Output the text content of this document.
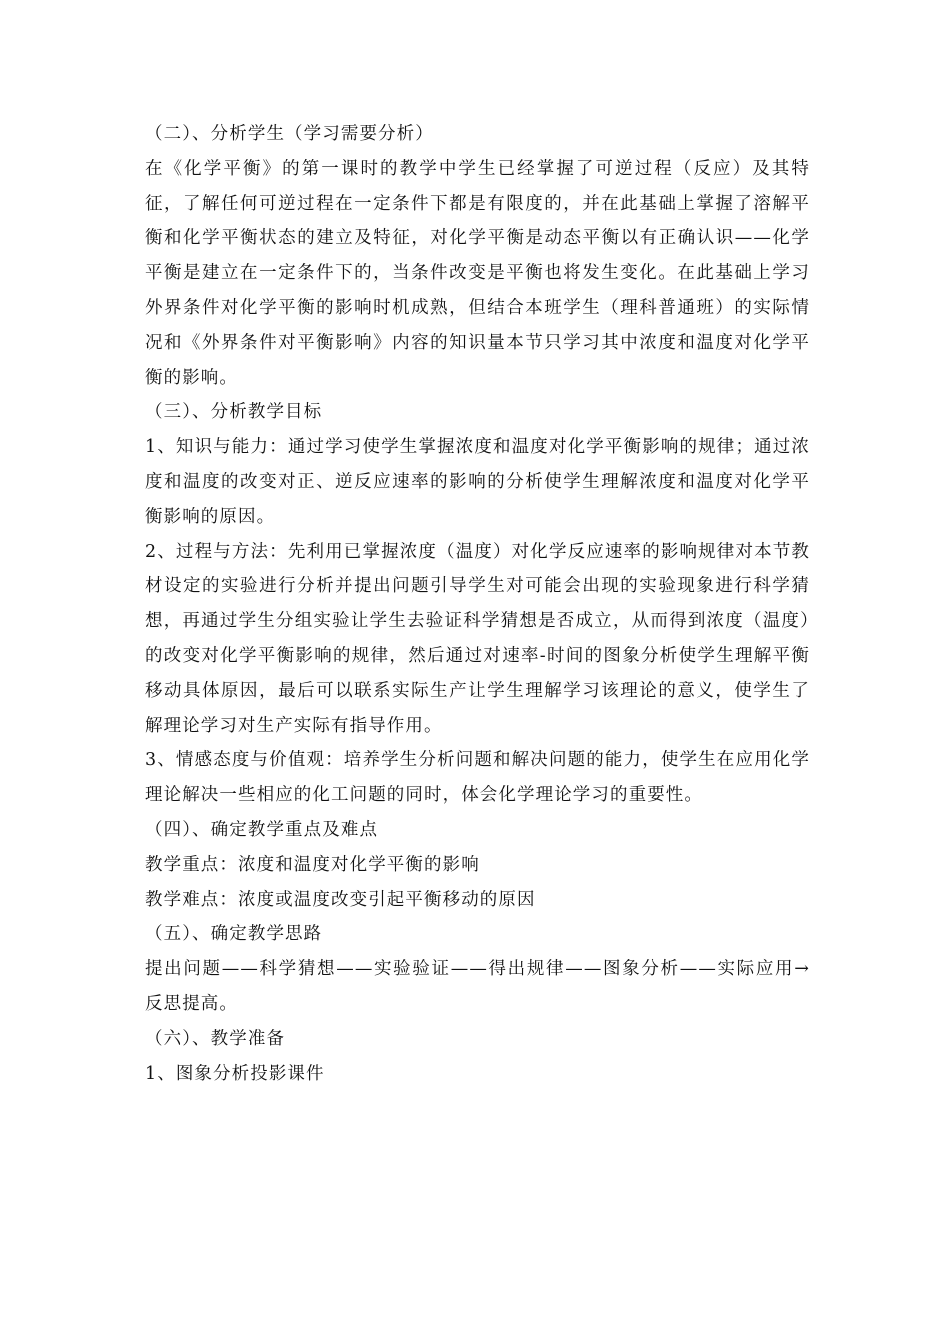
（二）、分析学生（学习需要分析）

在《化学平衡》的第一课时的教学中学生已经掌握了可逆过程（反应）及其特征，了解任何可逆过程在一定条件下都是有限度的，并在此基础上掌握了溶解平衡和化学平衡状态的建立及特征，对化学平衡是动态平衡以有正确认识——化学平衡是建立在一定条件下的，当条件改变是平衡也将发生变化。在此基础上学习外界条件对化学平衡的影响时机成熟，但结合本班学生（理科普通班）的实际情况和《外界条件对平衡影响》内容的知识量本节只学习其中浓度和温度对化学平衡的影响。

（三）、分析教学目标

1、知识与能力：通过学习使学生掌握浓度和温度对化学平衡影响的规律；通过浓度和温度的改变对正、逆反应速率的影响的分析使学生理解浓度和温度对化学平衡影响的原因。

2、过程与方法：先利用已掌握浓度（温度）对化学反应速率的影响规律对本节教材设定的实验进行分析并提出问题引导学生对可能会出现的实验现象进行科学猜想，再通过学生分组实验让学生去验证科学猜想是否成立，从而得到浓度（温度）的改变对化学平衡影响的规律，然后通过对速率-时间的图象分析使学生理解平衡移动具体原因，最后可以联系实际生产让学生理解学习该理论的意义，使学生了解理论学习对生产实际有指导作用。

3、情感态度与价值观：培养学生分析问题和解决问题的能力，使学生在应用化学理论解决一些相应的化工问题的同时，体会化学理论学习的重要性。

（四）、确定教学重点及难点

教学重点：浓度和温度对化学平衡的影响

教学难点：浓度或温度改变引起平衡移动的原因

（五）、确定教学思路

提出问题——科学猜想——实验验证——得出规律——图象分析——实际应用→反思提高。

（六）、教学准备

1、图象分析投影课件
